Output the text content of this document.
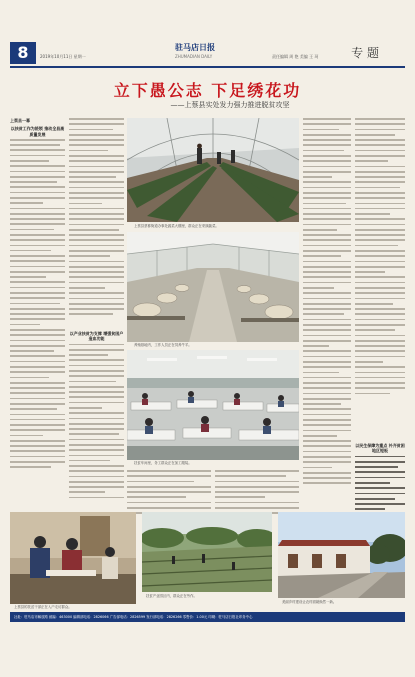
8	2019年10月11日 星期一
驻马店日报
ZHUMADIAN DAILY	责任编辑 周 艳 美编 王 珂	专 题
立下愚公志 下足绣花功
——上蔡县实处发力强力推进脱贫攻坚
上蔡县一幕
以扶贫工作为统领 推动全县高质量发展
以产业扶贫为支撑 增强贫困户造血功能
上蔡县蔡都街道办事处蔬菜大棚里，群众正在采摘蔬菜。
养殖基地内，工作人员正在饲养牛羊。
扶贫车间里，务工群众正在加工服装。
以民生保障为重点 补齐贫困地区短板
扶贫产业园区内，群众正在劳作。
上蔡县的扶贫干部正在入户走访群众。
美丽乡村建设让农村面貌焕然一新。
社址：驻马店市解放路 邮编：463000 编辑部电话：2826066 广告部电话：2826599 发行部电话：2826266 零售价：1.00元 印刷：驻马店日报社印务中心
